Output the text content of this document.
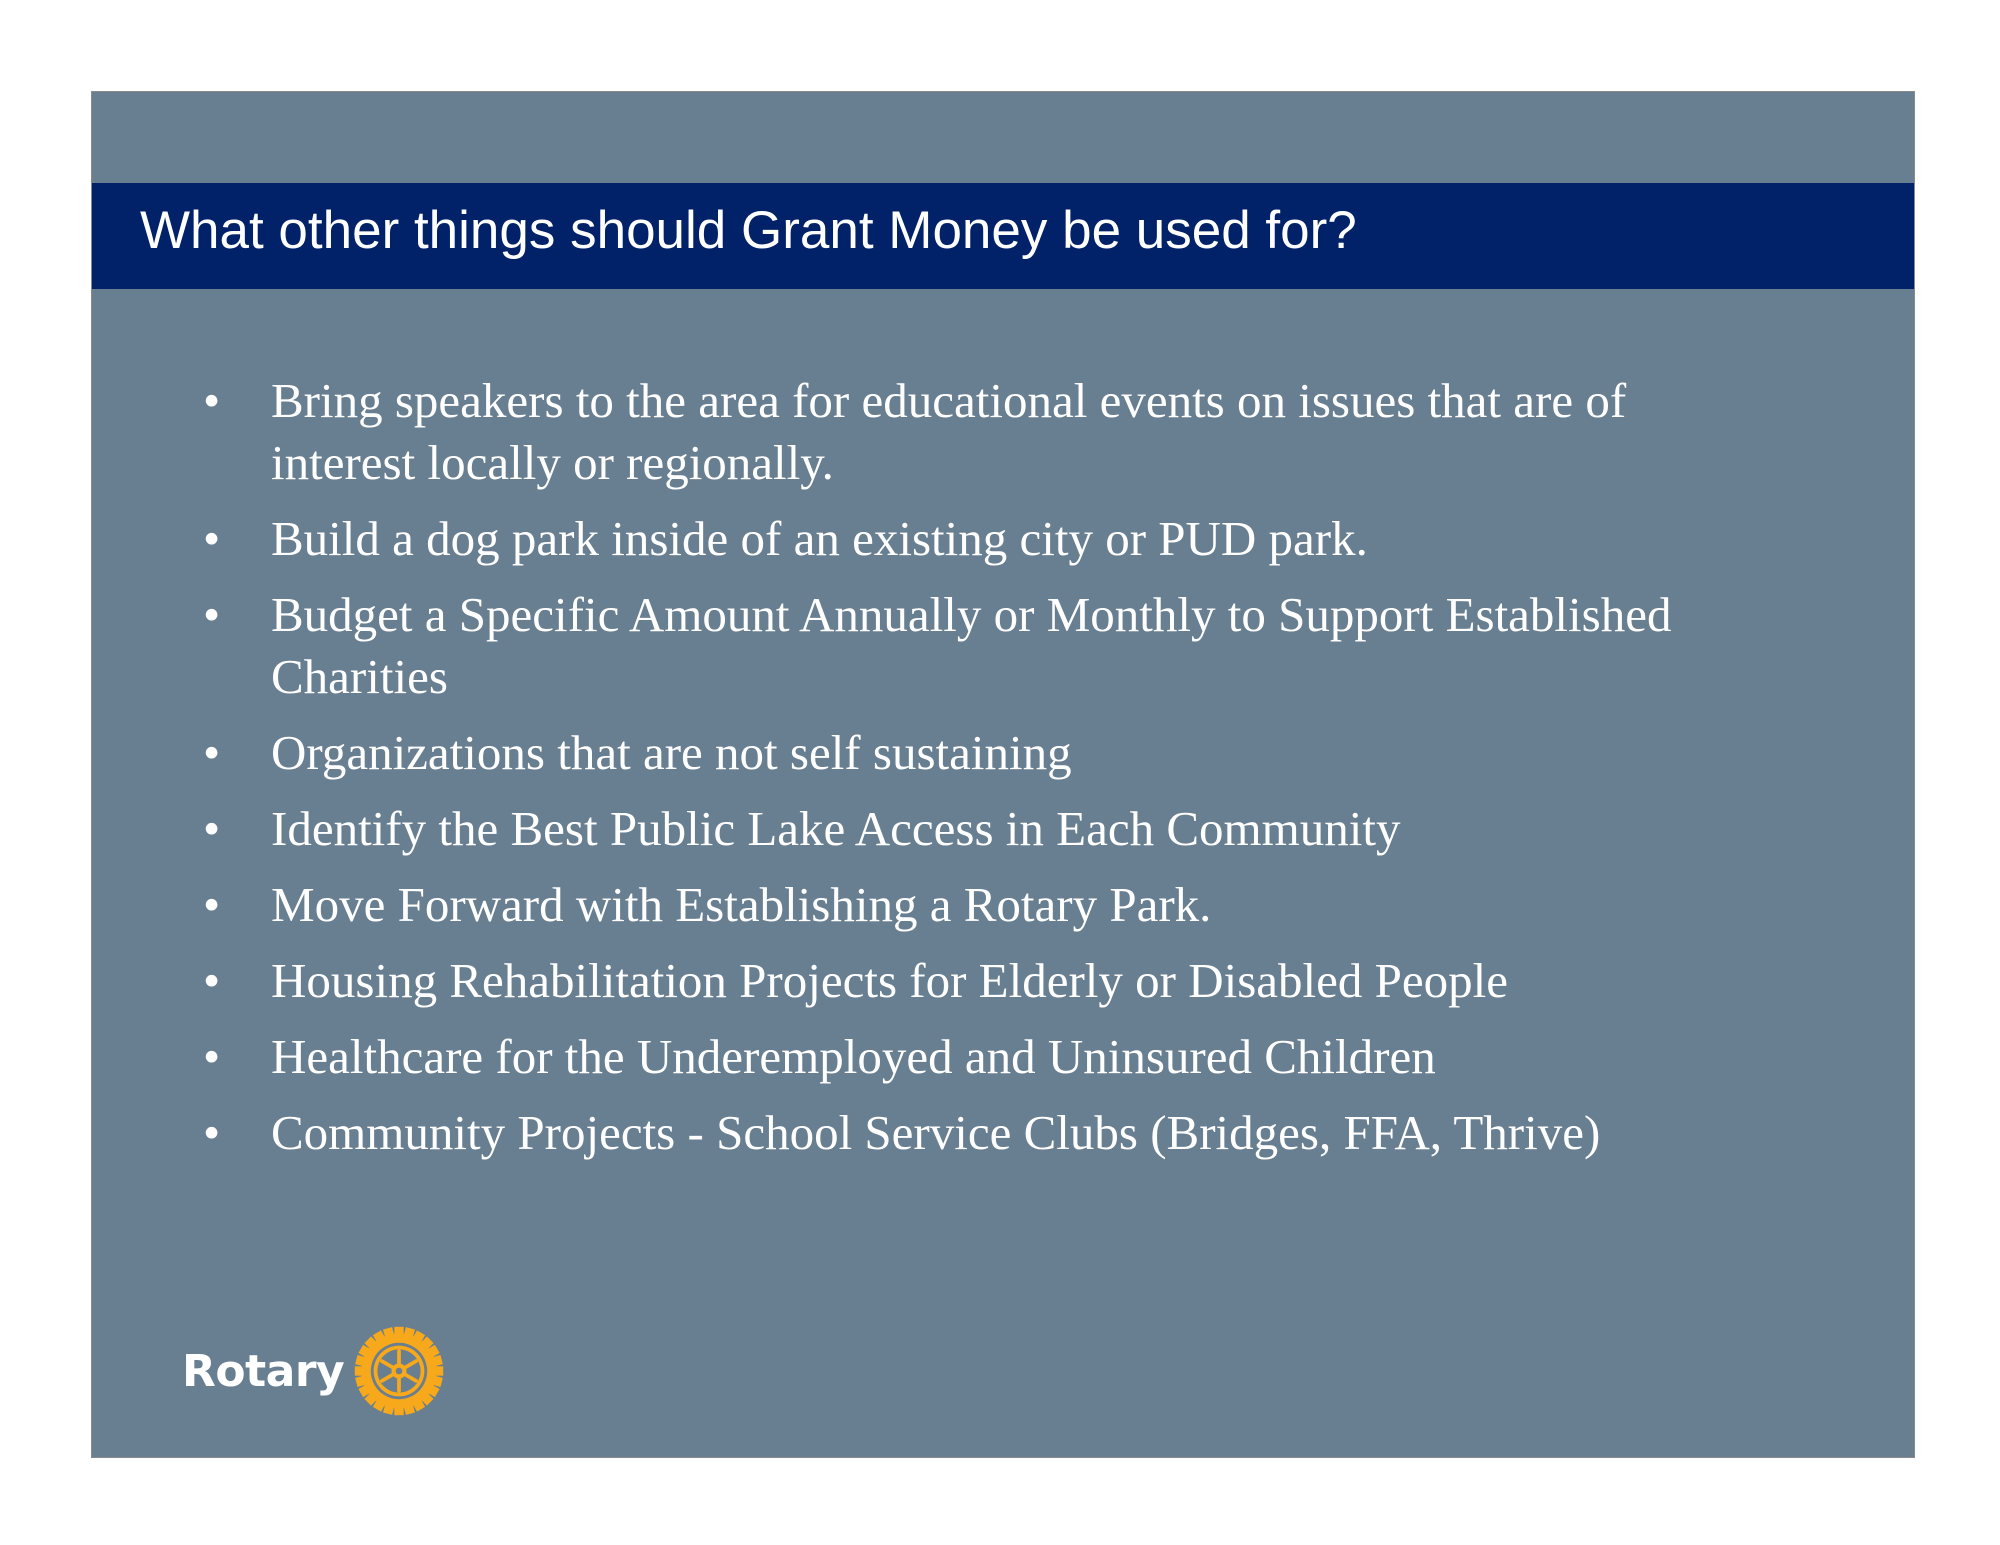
What other things should Grant Money be used for?
• Bring speakers to the area for educational events on issues that are of interest locally or regionally.
• Build a dog park inside of an existing city or PUD park.
• Budget a Specific Amount Annually or Monthly to Support Established Charities
• Organizations that are not self sustaining
• Identify the Best Public Lake Access in Each Community
• Move Forward with Establishing a Rotary Park.
• Housing Rehabilitation Projects for Elderly or Disabled People
• Healthcare for the Underemployed and Uninsured Children
• Community Projects - School Service Clubs (Bridges, FFA, Thrive)
Rotary
